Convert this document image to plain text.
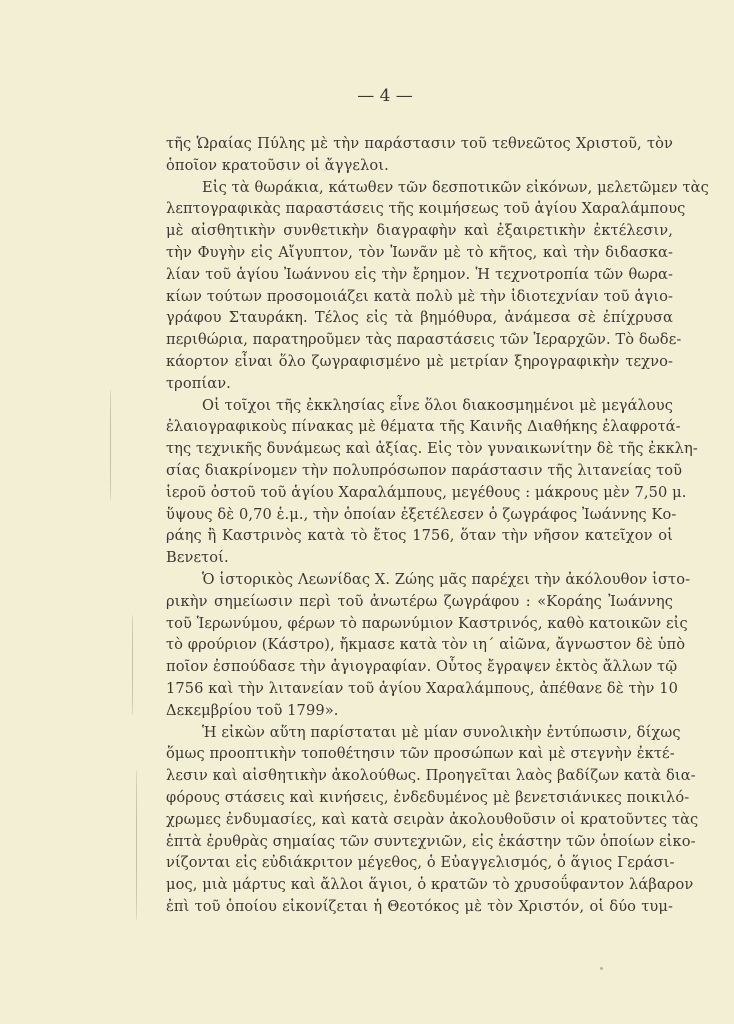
— 4 —
τῆς Ὡραίας Πύλης μὲ τὴν παράστασιν τοῦ τεθνεῶτος Χριστοῦ, τὸν
ὁποῖον κρατοῦσιν οἱ ἄγγελοι.
Εἰς τὰ θωράκια, κάτωθεν τῶν δεσποτικῶν εἰκόνων, μελετῶμεν τὰς
λεπτογραφικὰς παραστάσεις τῆς κοιμήσεως τοῦ ἁγίου Χαραλάμπους
μὲ αἰσθητικὴν συνθετικὴν διαγραφὴν καὶ ἐξαιρετικὴν ἐκτέλεσιν,
τὴν Φυγὴν εἰς Αἴγυπτον, τὸν Ἰωνᾶν μὲ τὸ κῆτος, καὶ τὴν διδασκα-
λίαν τοῦ ἁγίου Ἰωάννου εἰς τὴν ἔρημον. Ἡ τεχνοτροπία τῶν θωρα-
κίων τούτων προσομοιάζει κατὰ πολὺ μὲ τὴν ἰδιοτεχνίαν τοῦ ἁγιο-
γράφου Σταυράκη. Τέλος εἰς τὰ βημόθυρα, ἀνάμεσα σὲ ἐπίχρυσα
περιθώρια, παρατηροῦμεν τὰς παραστάσεις τῶν Ἱεραρχῶν. Τὸ δωδε-
κάορτον εἶναι ὅλο ζωγραφισμένο μὲ μετρίαν ξηρογραφικὴν τεχνο-
τροπίαν.
Οἱ τοῖχοι τῆς ἐκκλησίας εἶνε ὅλοι διακοσμημένοι μὲ μεγάλους
ἐλαιογραφικοὺς πίνακας μὲ θέματα τῆς Καινῆς Διαθήκης ἐλαφροτά-
της τεχνικῆς δυνάμεως καὶ ἀξίας. Εἰς τὸν γυναικωνίτην δὲ τῆς ἐκκλη-
σίας διακρίνομεν τὴν πολυπρόσωπον παράστασιν τῆς λιτανείας τοῦ
ἱεροῦ ὀστοῦ τοῦ ἁγίου Χαραλάμπους, μεγέθους : μάκρους μὲν 7,50 μ.
ὕψους δὲ 0,70 ἑ.μ., τὴν ὁποίαν ἐξετέλεσεν ὁ ζωγράφος Ἰωάννης Κο-
ράης ἢ Καστρινὸς κατὰ τὸ ἔτος 1756, ὅταν τὴν νῆσον κατεῖχον οἱ
Βενετοί.
Ὁ ἱστορικὸς Λεωνίδας Χ. Ζώης μᾶς παρέχει τὴν ἀκόλουθον ἱστο-
ρικὴν σημείωσιν περὶ τοῦ ἀνωτέρω ζωγράφου : «Κοράης Ἰωάννης
τοῦ Ἱερωνύμου, φέρων τὸ παρωνύμιον Καστρινός, καθὸ κατοικῶν εἰς
τὸ φρούριον (Κάστρο), ἤκμασε κατὰ τὸν ιη΄ αἰῶνα, ἄγνωστον δὲ ὑπὸ
ποῖον ἐσπούδασε τὴν ἁγιογραφίαν. Οὗτος ἔγραψεν ἐκτὸς ἄλλων τῷ
1756 καὶ τὴν λιτανείαν τοῦ ἁγίου Χαραλάμπους, ἀπέθανε δὲ τὴν 10
Δεκεμβρίου τοῦ 1799».
Ἡ εἰκὼν αὕτη παρίσταται μὲ μίαν συνολικὴν ἐντύπωσιν, δίχως
ὅμως προοπτικὴν τοποθέτησιν τῶν προσώπων καὶ μὲ στεγνὴν ἐκτέ-
λεσιν καὶ αἰσθητικὴν ἀκολούθως. Προηγεῖται λαὸς βαδίζων κατὰ δια-
φόρους στάσεις καὶ κινήσεις, ἐνδεδυμένος μὲ βενετσιάνικες ποικιλό-
χρωμες ἐνδυμασίες, καὶ κατὰ σειρὰν ἀκολουθοῦσιν οἱ κρατοῦντες τὰς
ἑπτὰ ἐρυθρὰς σημαίας τῶν συντεχνιῶν, εἰς ἑκάστην τῶν ὁποίων εἰκο-
νίζονται εἰς εὐδιάκριτον μέγεθος, ὁ Εὐαγγελισμός, ὁ ἅγιος Γεράσι-
μος, μιὰ μάρτυς καὶ ἄλλοι ἅγιοι, ὁ κρατῶν τὸ χρυσοΰφαντον λάβαρον
ἐπὶ τοῦ ὁποίου εἰκονίζεται ἡ Θεοτόκος μὲ τὸν Χριστόν, οἱ δύο τυμ-
